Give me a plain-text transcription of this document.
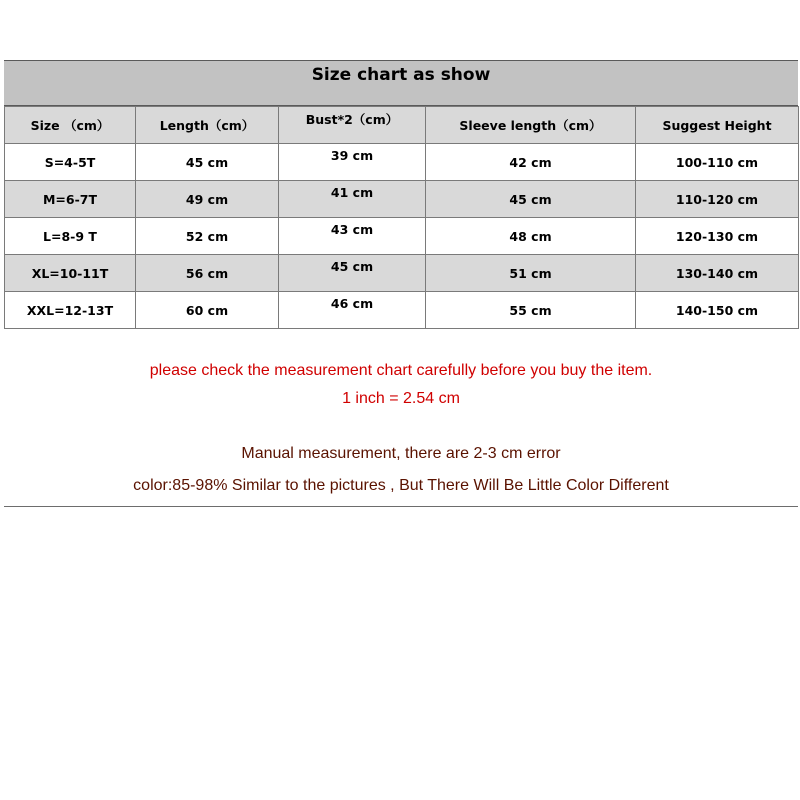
Size chart as show
Size （cm）	Length（cm）	Bust*2（cm）	Sleeve length（cm）	Suggest Height
S=4-5T	45 cm	39 cm	42 cm	100-110 cm
M=6-7T	49 cm	41 cm	45 cm	110-120 cm
L=8-9 T	52 cm	43 cm	48 cm	120-130 cm
XL=10-11T	56 cm	45 cm	51 cm	130-140 cm
XXL=12-13T	60 cm	46 cm	55 cm	140-150 cm
please check the measurement chart carefully before you buy the item.
1 inch = 2.54 cm
Manual measurement, there are 2-3 cm error
color:85-98% Similar to the pictures , But There Will Be Little Color Different
